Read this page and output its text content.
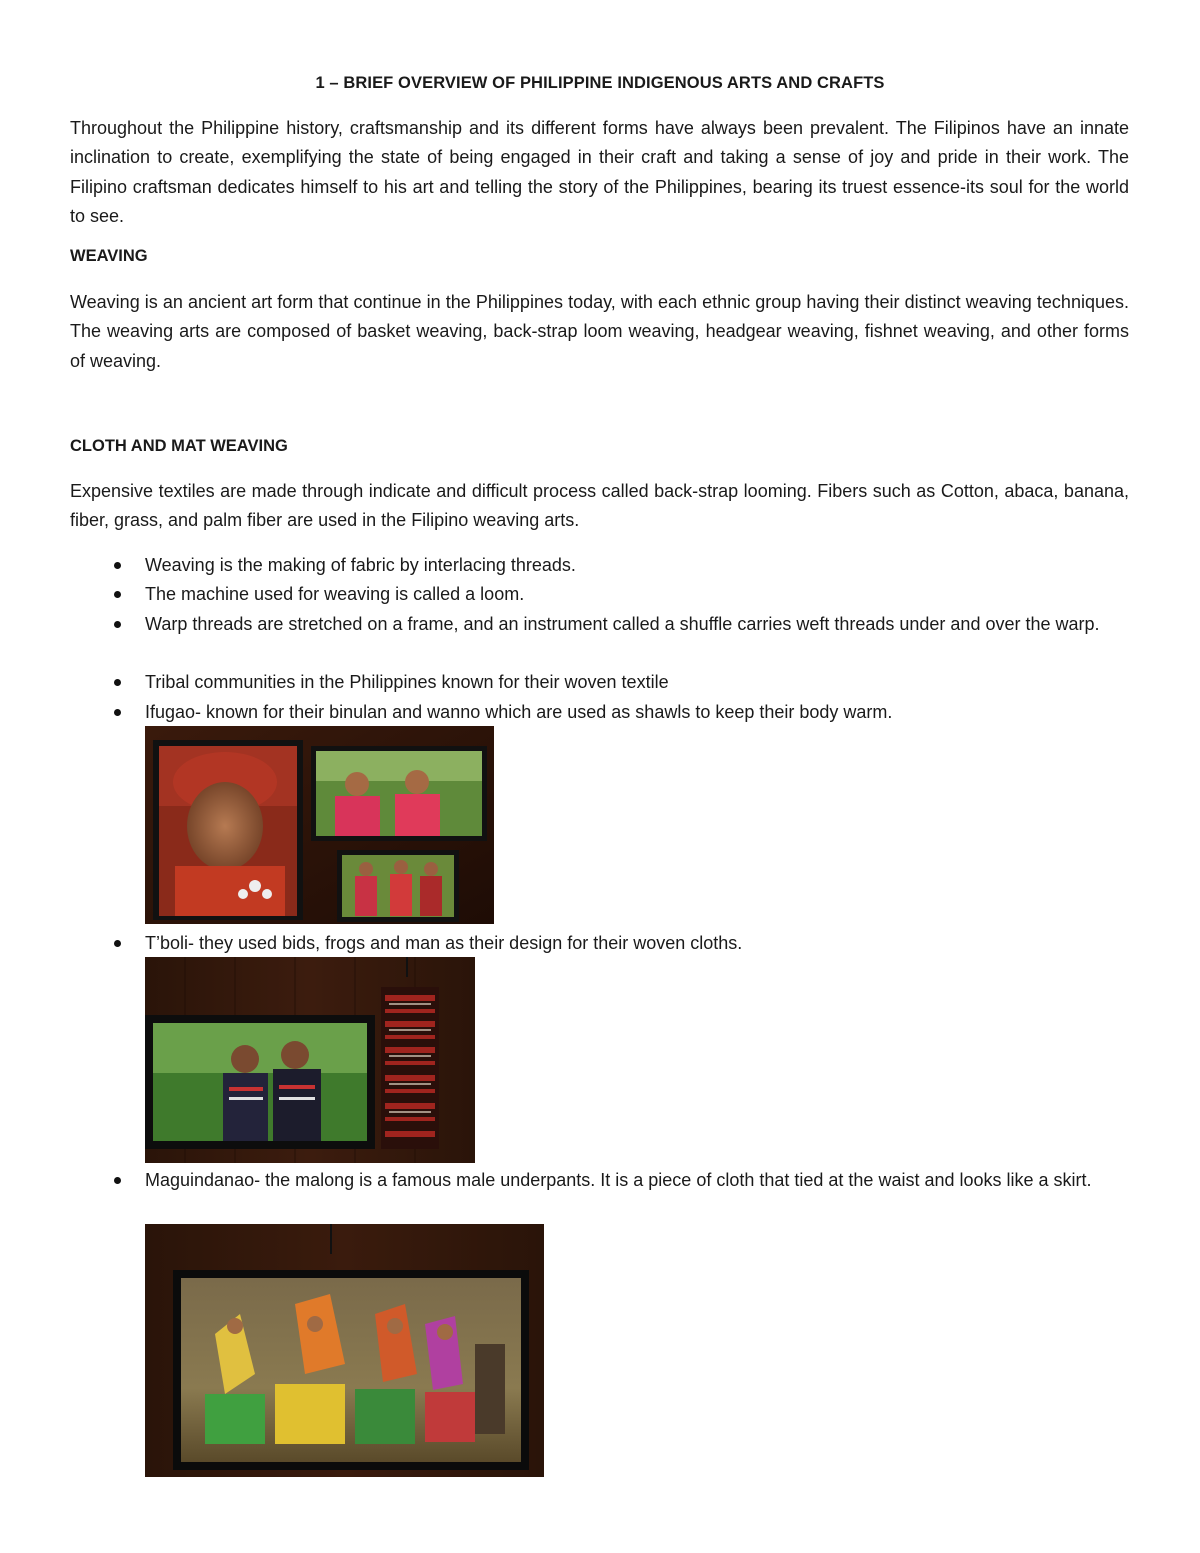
1 – BRIEF OVERVIEW OF PHILIPPINE INDIGENOUS ARTS AND CRAFTS

Throughout the Philippine history, craftsmanship and its different forms have always been prevalent. The Filipinos have an innate inclination to create, exemplifying the state of being engaged in their craft and taking a sense of joy and pride in their work. The Filipino craftsman dedicates himself to his art and telling the story of the Philippines, bearing its truest essence-its soul for the world to see.

WEAVING

Weaving is an ancient art form that continue in the Philippines today, with each ethnic group having their distinct weaving techniques. The weaving arts are composed of basket weaving, back-strap loom weaving, headgear weaving, fishnet weaving, and other forms of weaving.

CLOTH AND MAT WEAVING

Expensive textiles are made through indicate and difficult process called back-strap looming. Fibers such as Cotton, abaca, banana, fiber, grass, and palm fiber are used in the Filipino weaving arts.

Weaving is the making of fabric by interlacing threads.
The machine used for weaving is called a loom.
Warp threads are stretched on a frame, and an instrument called a shuffle carries weft threads under and over the warp.
Tribal communities in the Philippines known for their woven textile
Ifugao- known for their binulan and wanno which are used as shawls to keep their body warm.
T’boli- they used bids, frogs and man as their design for their woven cloths.
Maguindanao- the malong is a famous male underpants. It is a piece of cloth that tied at the waist and looks like a skirt.
